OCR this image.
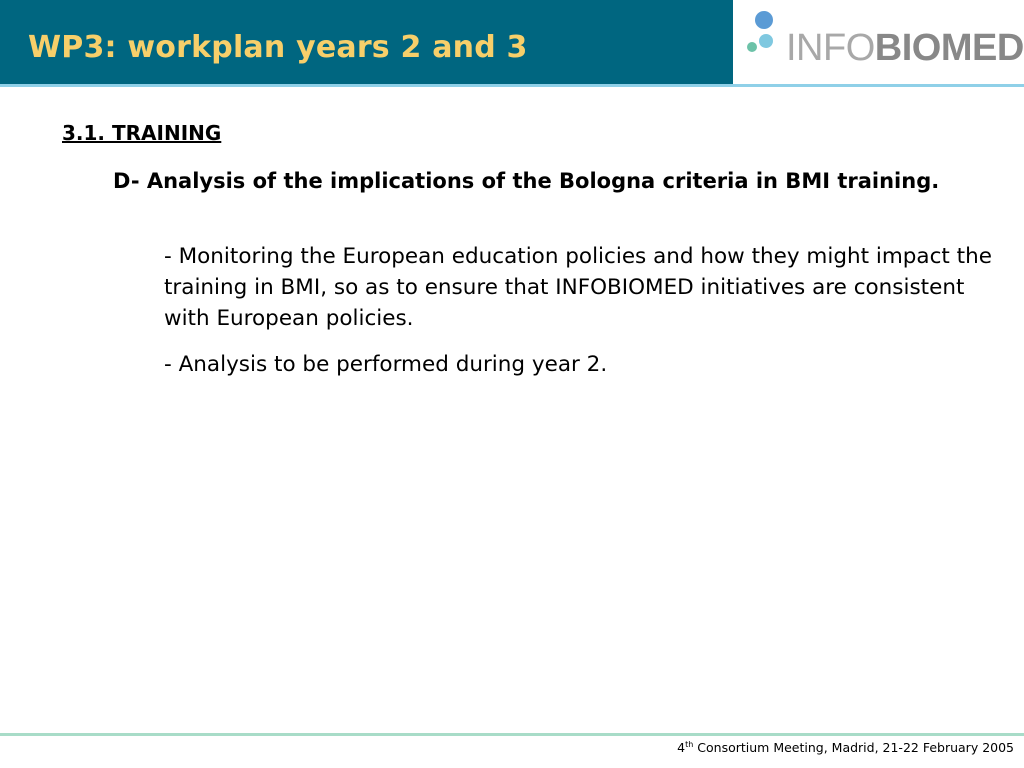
WP3: workplan years 2 and 3	INFOBIOMED
3.1. TRAINING
D- Analysis of the implications of the Bologna criteria in BMI training.
- Monitoring the European education policies and how they might impact the training in BMI, so as to ensure that INFOBIOMED initiatives are consistent with European policies.
- Analysis to be performed during year 2.
4th Consortium Meeting, Madrid, 21-22 February 2005
